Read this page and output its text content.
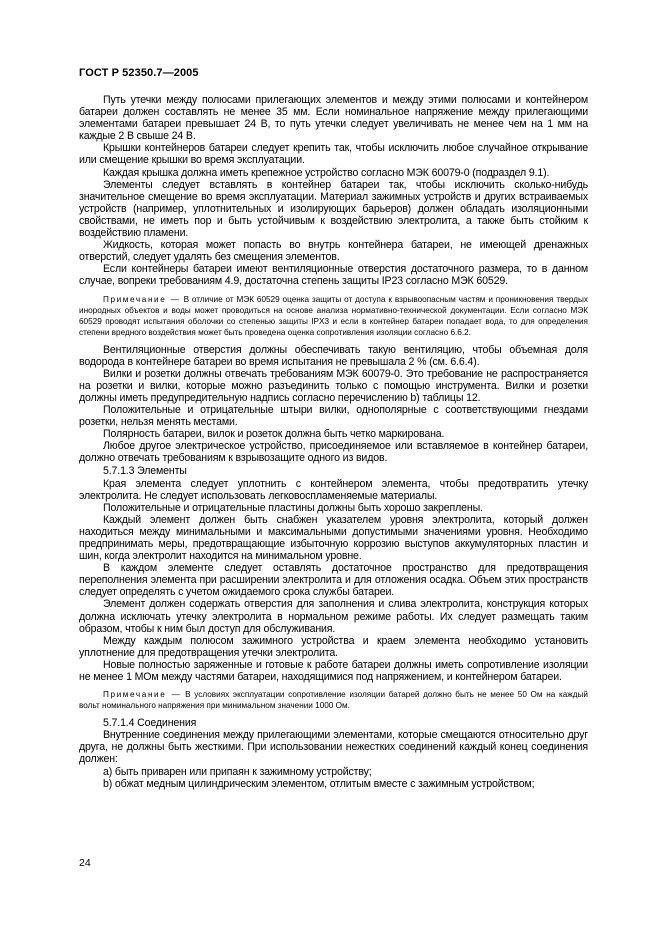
ГОСТ Р 52350.7—2005

Путь утечки между полюсами прилегающих элементов и между этими полюсами и контейнером батареи должен составлять не менее 35 мм. Если номинальное напряжение между прилегающими элементами батареи превышает 24 В, то путь утечки следует увеличивать не менее чем на 1 мм на каждые 2 В свыше 24 В.

Крышки контейнеров батареи следует крепить так, чтобы исключить любое случайное открывание или смещение крышки во время эксплуатации.

Каждая крышка должна иметь крепежное устройство согласно МЭК 60079-0 (подраздел 9.1).

Элементы следует вставлять в контейнер батареи так, чтобы исключить сколько-нибудь значительное смещение во время эксплуатации. Материал зажимных устройств и других встраиваемых устройств (например, уплотнительных и изолирующих барьеров) должен обладать изоляционными свойствами, не иметь пор и быть устойчивым к воздействию электролита, а также быть стойким к воздействию пламени.

Жидкость, которая может попасть во внутрь контейнера батареи, не имеющей дренажных отверстий, следует удалять без смещения элементов.

Если контейнеры батареи имеют вентиляционные отверстия достаточного размера, то в данном случае, вопреки требованиям 4.9, достаточна степень защиты IP23 согласно МЭК 60529.

Примечание — В отличие от МЭК 60529 оценка защиты от доступа к взрывоопасным частям и проникновения твердых инородных объектов и воды может проводиться на основе анализа нормативно-технической документации. Если согласно МЭК 60529 проводят испытания оболочки со степенью защиты IPX3 и если в контейнер батареи попадает вода, то для определения степени вредного воздействия может быть проведена оценка сопротивления изоляции согласно 6.6.2.

Вентиляционные отверстия должны обеспечивать такую вентиляцию, чтобы объемная доля водорода в контейнере батареи во время испытания не превышала 2 % (см. 6.6.4).

Вилки и розетки должны отвечать требованиям МЭК 60079-0. Это требование не распространяется на розетки и вилки, которые можно разъединить только с помощью инструмента. Вилки и розетки должны иметь предупредительную надпись согласно перечислению b) таблицы 12.

Положительные и отрицательные штыри вилки, однополярные с соответствующими гнездами розетки, нельзя менять местами.

Полярность батареи, вилок и розеток должна быть четко маркирована.

Любое другое электрическое устройство, присоединяемое или вставляемое в контейнер батареи, должно отвечать требованиям к взрывозащите одного из видов.

5.7.1.3 Элементы

Края элемента следует уплотнить с контейнером элемента, чтобы предотвратить утечку электролита. Не следует использовать легковоспламеняемые материалы.

Положительные и отрицательные пластины должны быть хорошо закреплены.

Каждый элемент должен быть снабжен указателем уровня электролита, который должен находиться между минимальными и максимальными допустимыми значениями уровня. Необходимо предпринимать меры, предотвращающие избыточную коррозию выступов аккумуляторных пластин и шин, когда электролит находится на минимальном уровне.

В каждом элементе следует оставлять достаточное пространство для предотвращения переполнения элемента при расширении электролита и для отложения осадка. Объем этих пространств следует определять с учетом ожидаемого срока службы батареи.

Элемент должен содержать отверстия для заполнения и слива электролита, конструкция которых должна исключать утечку электролита в нормальном режиме работы. Их следует размещать таким образом, чтобы к ним был доступ для обслуживания.

Между каждым полюсом зажимного устройства и краем элемента необходимо установить уплотнение для предотвращения утечки электролита.

Новые полностью заряженные и готовые к работе батареи должны иметь сопротивление изоляции не менее 1 МОм между частями батареи, находящимися под напряжением, и контейнером батареи.

Примечание — В условиях эксплуатации сопротивление изоляции батарей должно быть не менее 50 Ом на каждый вольт номинального напряжения при минимальном значении 1000 Ом.

5.7.1.4 Соединения

Внутренние соединения между прилегающими элементами, которые смещаются относительно друг друга, не должны быть жесткими. При использовании нежестких соединений каждый конец соединения должен:

a) быть приварен или припаян к зажимному устройству;

b) обжат медным цилиндрическим элементом, отлитым вместе с зажимным устройством;

24
